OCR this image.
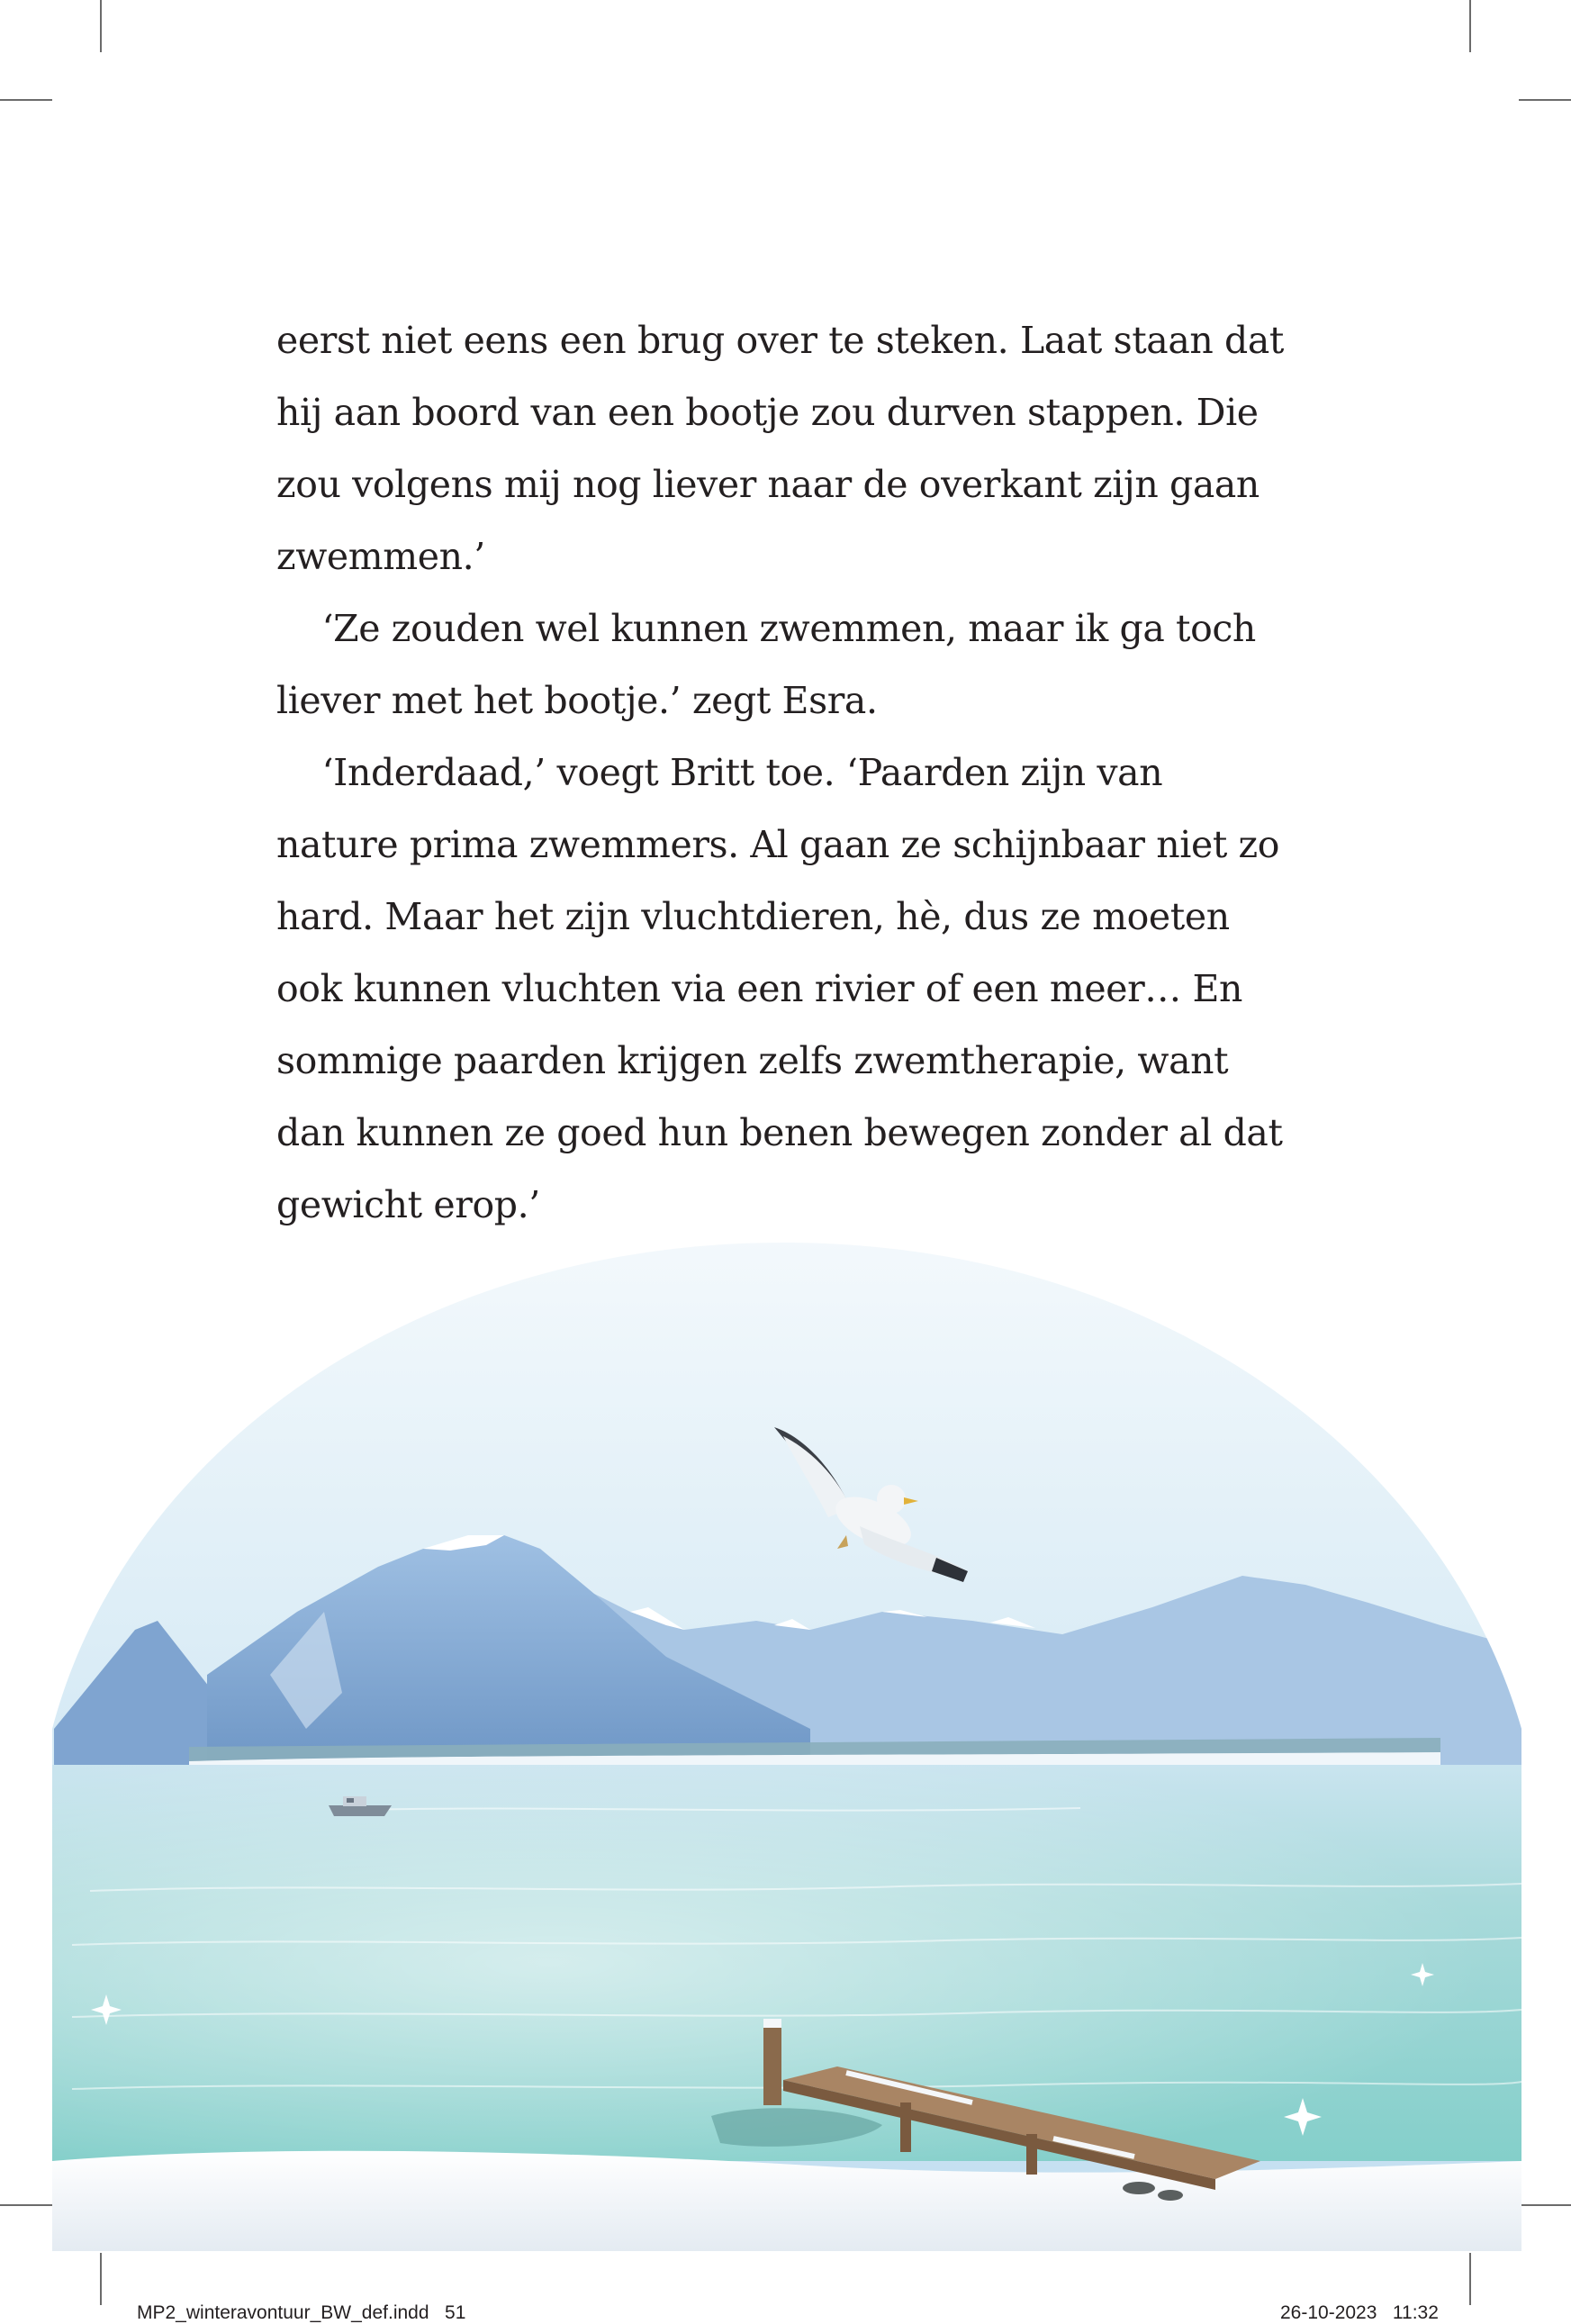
eerst niet eens een brug over te steken. Laat staan dat
hij aan boord van een bootje zou durven stappen. Die
zou volgens mij nog liever naar de overkant zijn gaan
zwemmen.’
‘Ze zouden wel kunnen zwemmen, maar ik ga toch
liever met het bootje.’ zegt Esra.
‘Inderdaad,’ voegt Britt toe. ‘Paarden zijn van
nature prima zwemmers. Al gaan ze schijnbaar niet zo
hard. Maar het zijn vluchtdieren, hè, dus ze moeten
ook kunnen vluchten via een rivier of een meer… En
sommige paarden krijgen zelfs zwemtherapie, want
dan kunnen ze goed hun benen bewegen zonder al dat
gewicht erop.’
MP2_winteravontuur_BW_def.indd   51	26-10-2023   11:32
